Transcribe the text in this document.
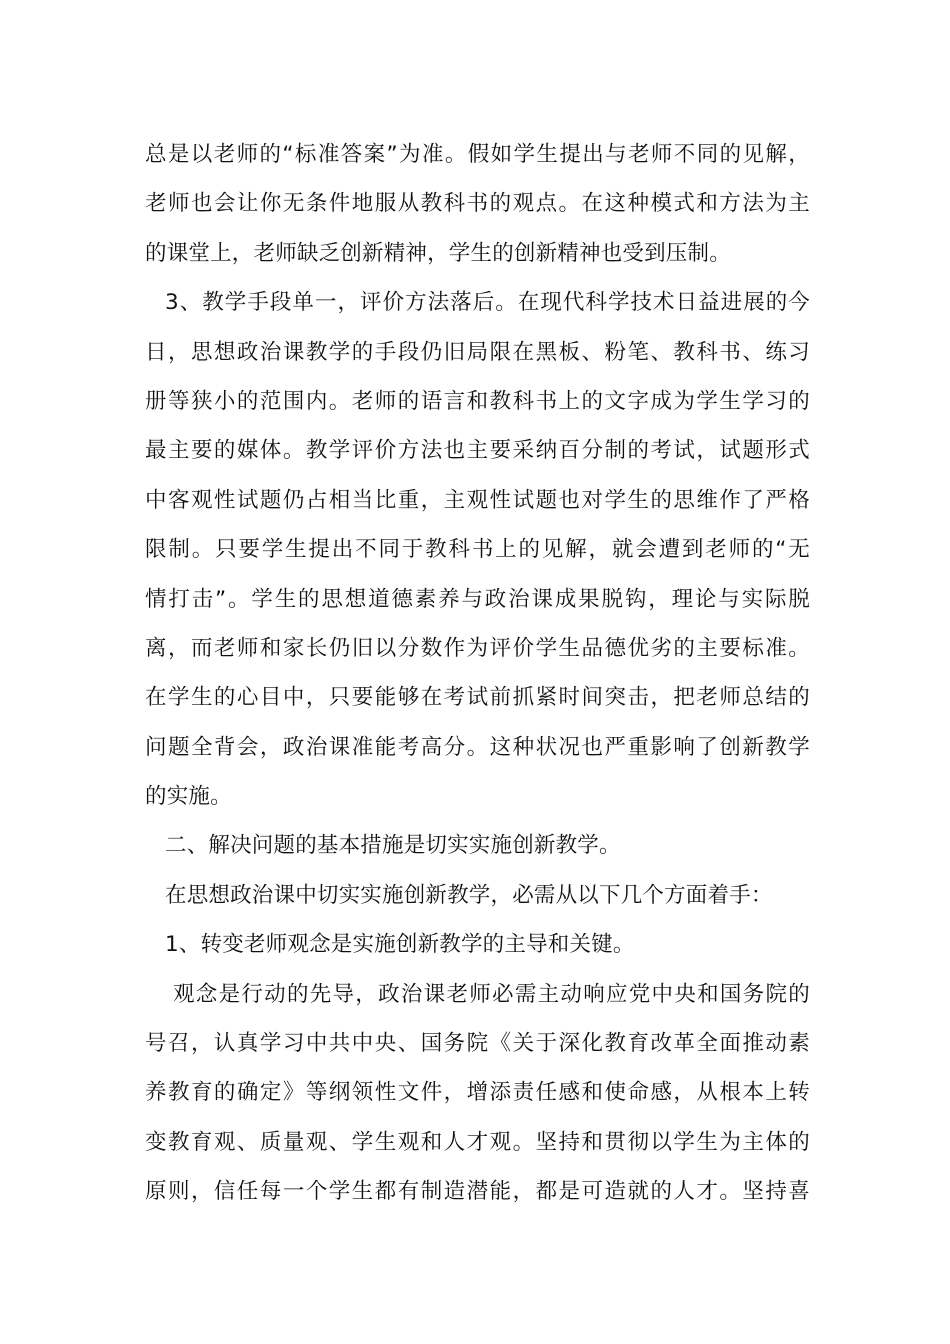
总是以老师的“标准答案”为准。假如学生提出与老师不同的见解，
老师也会让你无条件地服从教科书的观点。在这种模式和方法为主
的课堂上，老师缺乏创新精神，学生的创新精神也受到压制。
3、教学手段单一，评价方法落后。在现代科学技术日益进展的今
日，思想政治课教学的手段仍旧局限在黑板、粉笔、教科书、练习
册等狭小的范围内。老师的语言和教科书上的文字成为学生学习的
最主要的媒体。教学评价方法也主要采纳百分制的考试，试题形式
中客观性试题仍占相当比重，主观性试题也对学生的思维作了严格
限制。只要学生提出不同于教科书上的见解，就会遭到老师的“无
情打击”。学生的思想道德素养与政治课成果脱钩，理论与实际脱
离，而老师和家长仍旧以分数作为评价学生品德优劣的主要标准。
在学生的心目中，只要能够在考试前抓紧时间突击，把老师总结的
问题全背会，政治课准能考高分。这种状况也严重影响了创新教学
的实施。
二、解决问题的基本措施是切实实施创新教学。
在思想政治课中切实实施创新教学，必需从以下几个方面着手：
1、转变老师观念是实施创新教学的主导和关键。
观念是行动的先导，政治课老师必需主动响应党中央和国务院的
号召，认真学习中共中央、国务院《关于深化教育改革全面推动素
养教育的确定》等纲领性文件，增添责任感和使命感，从根本上转
变教育观、质量观、学生观和人才观。坚持和贯彻以学生为主体的
原则，信任每一个学生都有制造潜能，都是可造就的人才。坚持喜
